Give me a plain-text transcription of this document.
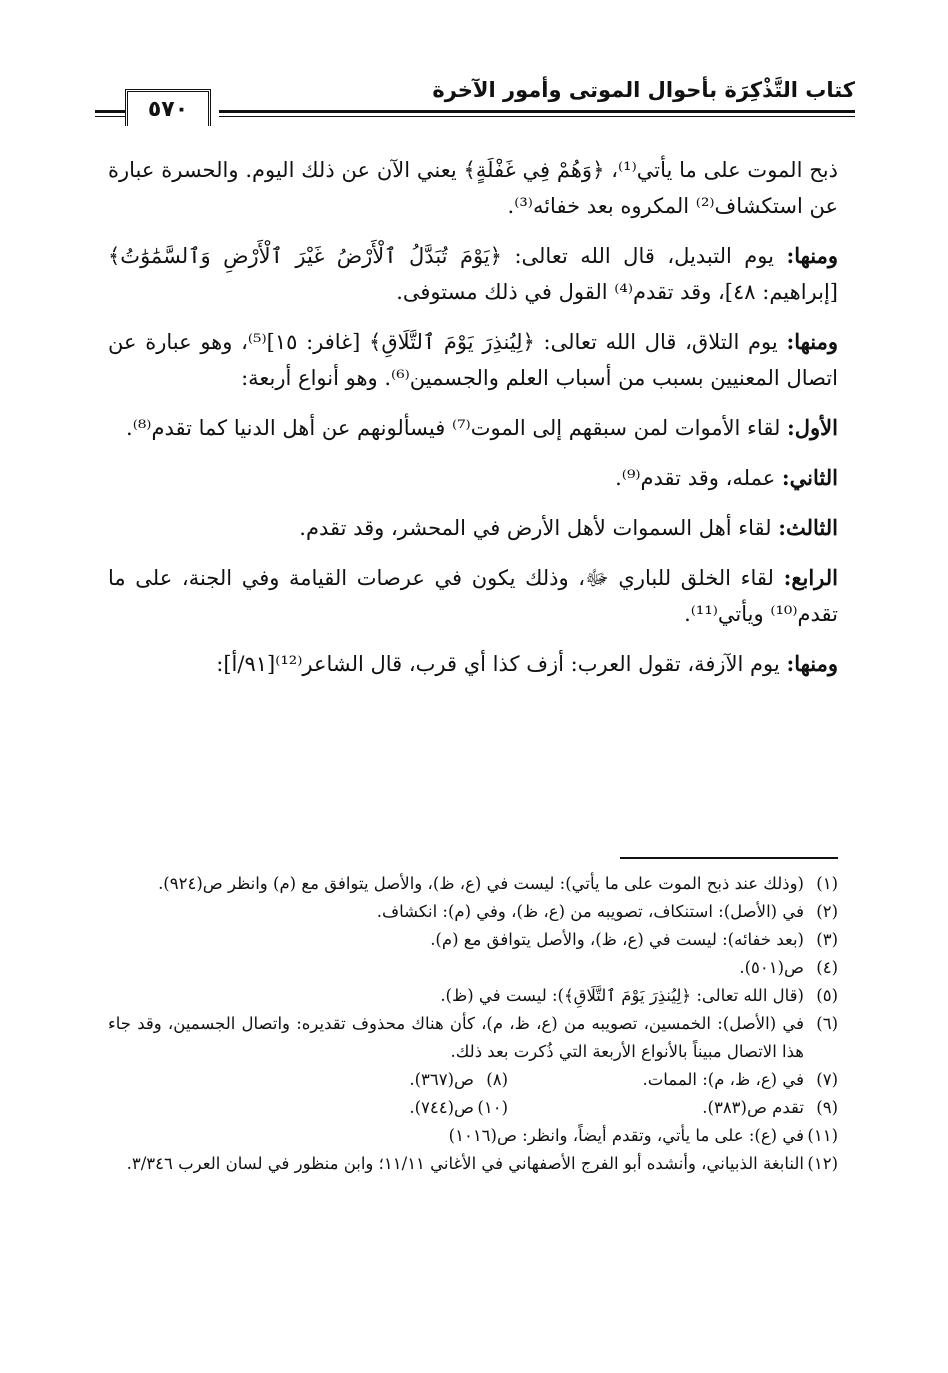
كتاب التَّذْكِرَة بأحوال الموتى وأمور الآخرة
٥٧٠

ذبح الموت على ما يأتي⁽¹⁾، ﴿وَهُمْ فِي غَفْلَةٍ﴾ يعني الآن عن ذلك اليوم. والحسرة عبارة عن استكشاف⁽²⁾ المكروه بعد خفائه⁽³⁾.

ومنها: يوم التبديل، قال الله تعالى: ﴿يَوْمَ تُبَدَّلُ ٱلْأَرْضُ غَيْرَ ٱلْأَرْضِ وَٱلسَّمَٰوَٰتُ﴾ [إبراهيم: ٤٨]، وقد تقدم⁽⁴⁾ القول في ذلك مستوفى.

ومنها: يوم التلاق، قال الله تعالى: ﴿لِيُنذِرَ يَوْمَ ٱلتَّلَاقِ﴾ [غافر: ١٥]⁽⁵⁾، وهو عبارة عن اتصال المعنيين بسبب من أسباب العلم والجسمين⁽⁶⁾. وهو أنواع أربعة:

الأول: لقاء الأموات لمن سبقهم إلى الموت⁽⁷⁾ فيسألونهم عن أهل الدنيا كما تقدم⁽⁸⁾.

الثاني: عمله، وقد تقدم⁽⁹⁾.

الثالث: لقاء أهل السموات لأهل الأرض في المحشر، وقد تقدم.

الرابع: لقاء الخلق للباري ﷻ، وذلك يكون في عرصات القيامة وفي الجنة، على ما تقدم⁽¹⁰⁾ ويأتي⁽¹¹⁾.

ومنها: يوم الآزفة، تقول العرب: أزف كذا أي قرب، قال الشاعر⁽¹²⁾[٩١/أ]:

(١)
(وذلك عند ذبح الموت على ما يأتي): ليست في (ع، ظ)، والأصل يتوافق مع (م) وانظر ص(٩٢٤).
(٢)
في (الأصل): استنكاف، تصويبه من (ع، ظ)، وفي (م): انكشاف.
(٣)
(بعد خفائه): ليست في (ع، ظ)، والأصل يتوافق مع (م).
(٤)
ص(٥٠١).
(٥)
(قال الله تعالى: ﴿لِيُنذِرَ يَوْمَ ٱلتَّلَاقِ﴾): ليست في (ظ).
(٦)
في (الأصل): الخمسين، تصويبه من (ع، ظ، م)، كأن هناك محذوف تقديره: واتصال الجسمين، وقد جاء هذا الاتصال مبيناً بالأنواع الأربعة التي ذُكرت بعد ذلك.
(٧)
في (ع، ظ، م): الممات.
(٨)
ص(٣٦٧).
(٩)
تقدم ص(٣٨٣).
(١٠)
ص(٧٤٤).
(١١)
في (ع): على ما يأتي، وتقدم أيضاً، وانظر: ص(١٠١٦)
(١٢)
النابغة الذبياني، وأنشده أبو الفرج الأصفهاني في الأغاني ١١/١١؛ وابن منظور في لسان العرب ٣/٣٤٦.
